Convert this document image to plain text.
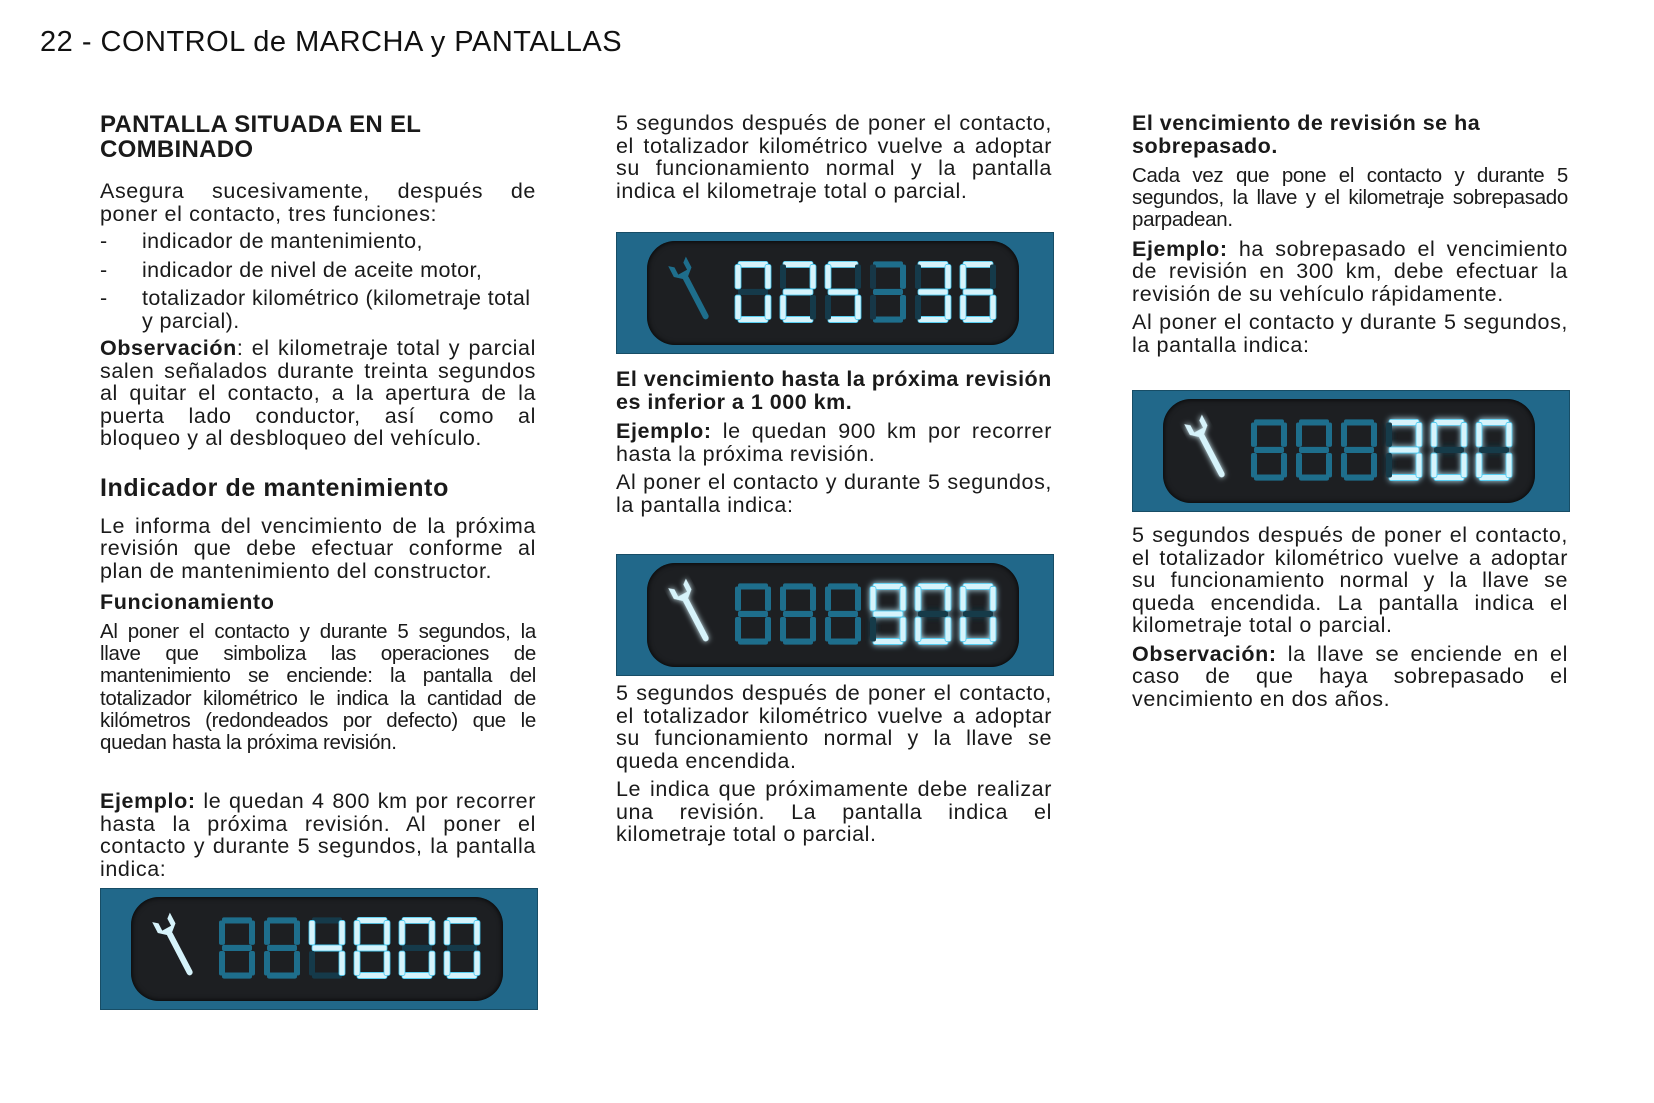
22 - CONTROL de MARCHA y PANTALLAS

PANTALLA SITUADA EN EL COMBINADO

Asegura sucesivamente, después de poner el contacto, tres funciones:

- indicador de mantenimiento,
- indicador de nivel de aceite motor,
- totalizador kilométrico (kilometraje total y parcial).

Observación: el kilometraje total y parcial salen señalados durante treinta segundos al quitar el contacto, a la apertura de la puerta lado conductor, así como al bloqueo y al desbloqueo del vehículo.

Indicador de mantenimiento

Le informa del vencimiento de la próxima revisión que debe efectuar conforme al plan de mantenimiento del constructor.

Funcionamiento

Al poner el contacto y durante 5 segundos, la llave que simboliza las operaciones de mantenimiento se enciende: la pantalla del totalizador kilométrico le indica la cantidad de kilómetros (redondeados por defecto) que le quedan hasta la próxima revisión.

Ejemplo: le quedan 4 800 km por recorrer hasta la próxima revisión. Al poner el contacto y durante 5 segundos, la pantalla indica:

5 segundos después de poner el contacto, el totalizador kilométrico vuelve a adoptar su funcionamiento normal y la pantalla indica el kilometraje total o parcial.

El vencimiento hasta la próxima revisión es inferior a 1 000 km.

Ejemplo: le quedan 900 km por recorrer hasta la próxima revisión.

Al poner el contacto y durante 5 segundos, la pantalla indica:

5 segundos después de poner el contacto, el totalizador kilométrico vuelve a adoptar su funcionamiento normal y la llave se queda encendida.

Le indica que próximamente debe realizar una revisión. La pantalla indica el kilometraje total o parcial.

El vencimiento de revisión se ha sobrepasado.

Cada vez que pone el contacto y durante 5 segundos, la llave y el kilometraje sobrepasado parpadean.

Ejemplo: ha sobrepasado el vencimiento de revisión en 300 km, debe efectuar la revisión de su vehículo rápidamente.

Al poner el contacto y durante 5 segundos, la pantalla indica:

5 segundos después de poner el contacto, el totalizador kilométrico vuelve a adoptar su funcionamiento normal y la llave se queda encendida. La pantalla indica el kilometraje total o parcial.

Observación: la llave se enciende en el caso de que haya sobrepasado el vencimiento en dos años.
